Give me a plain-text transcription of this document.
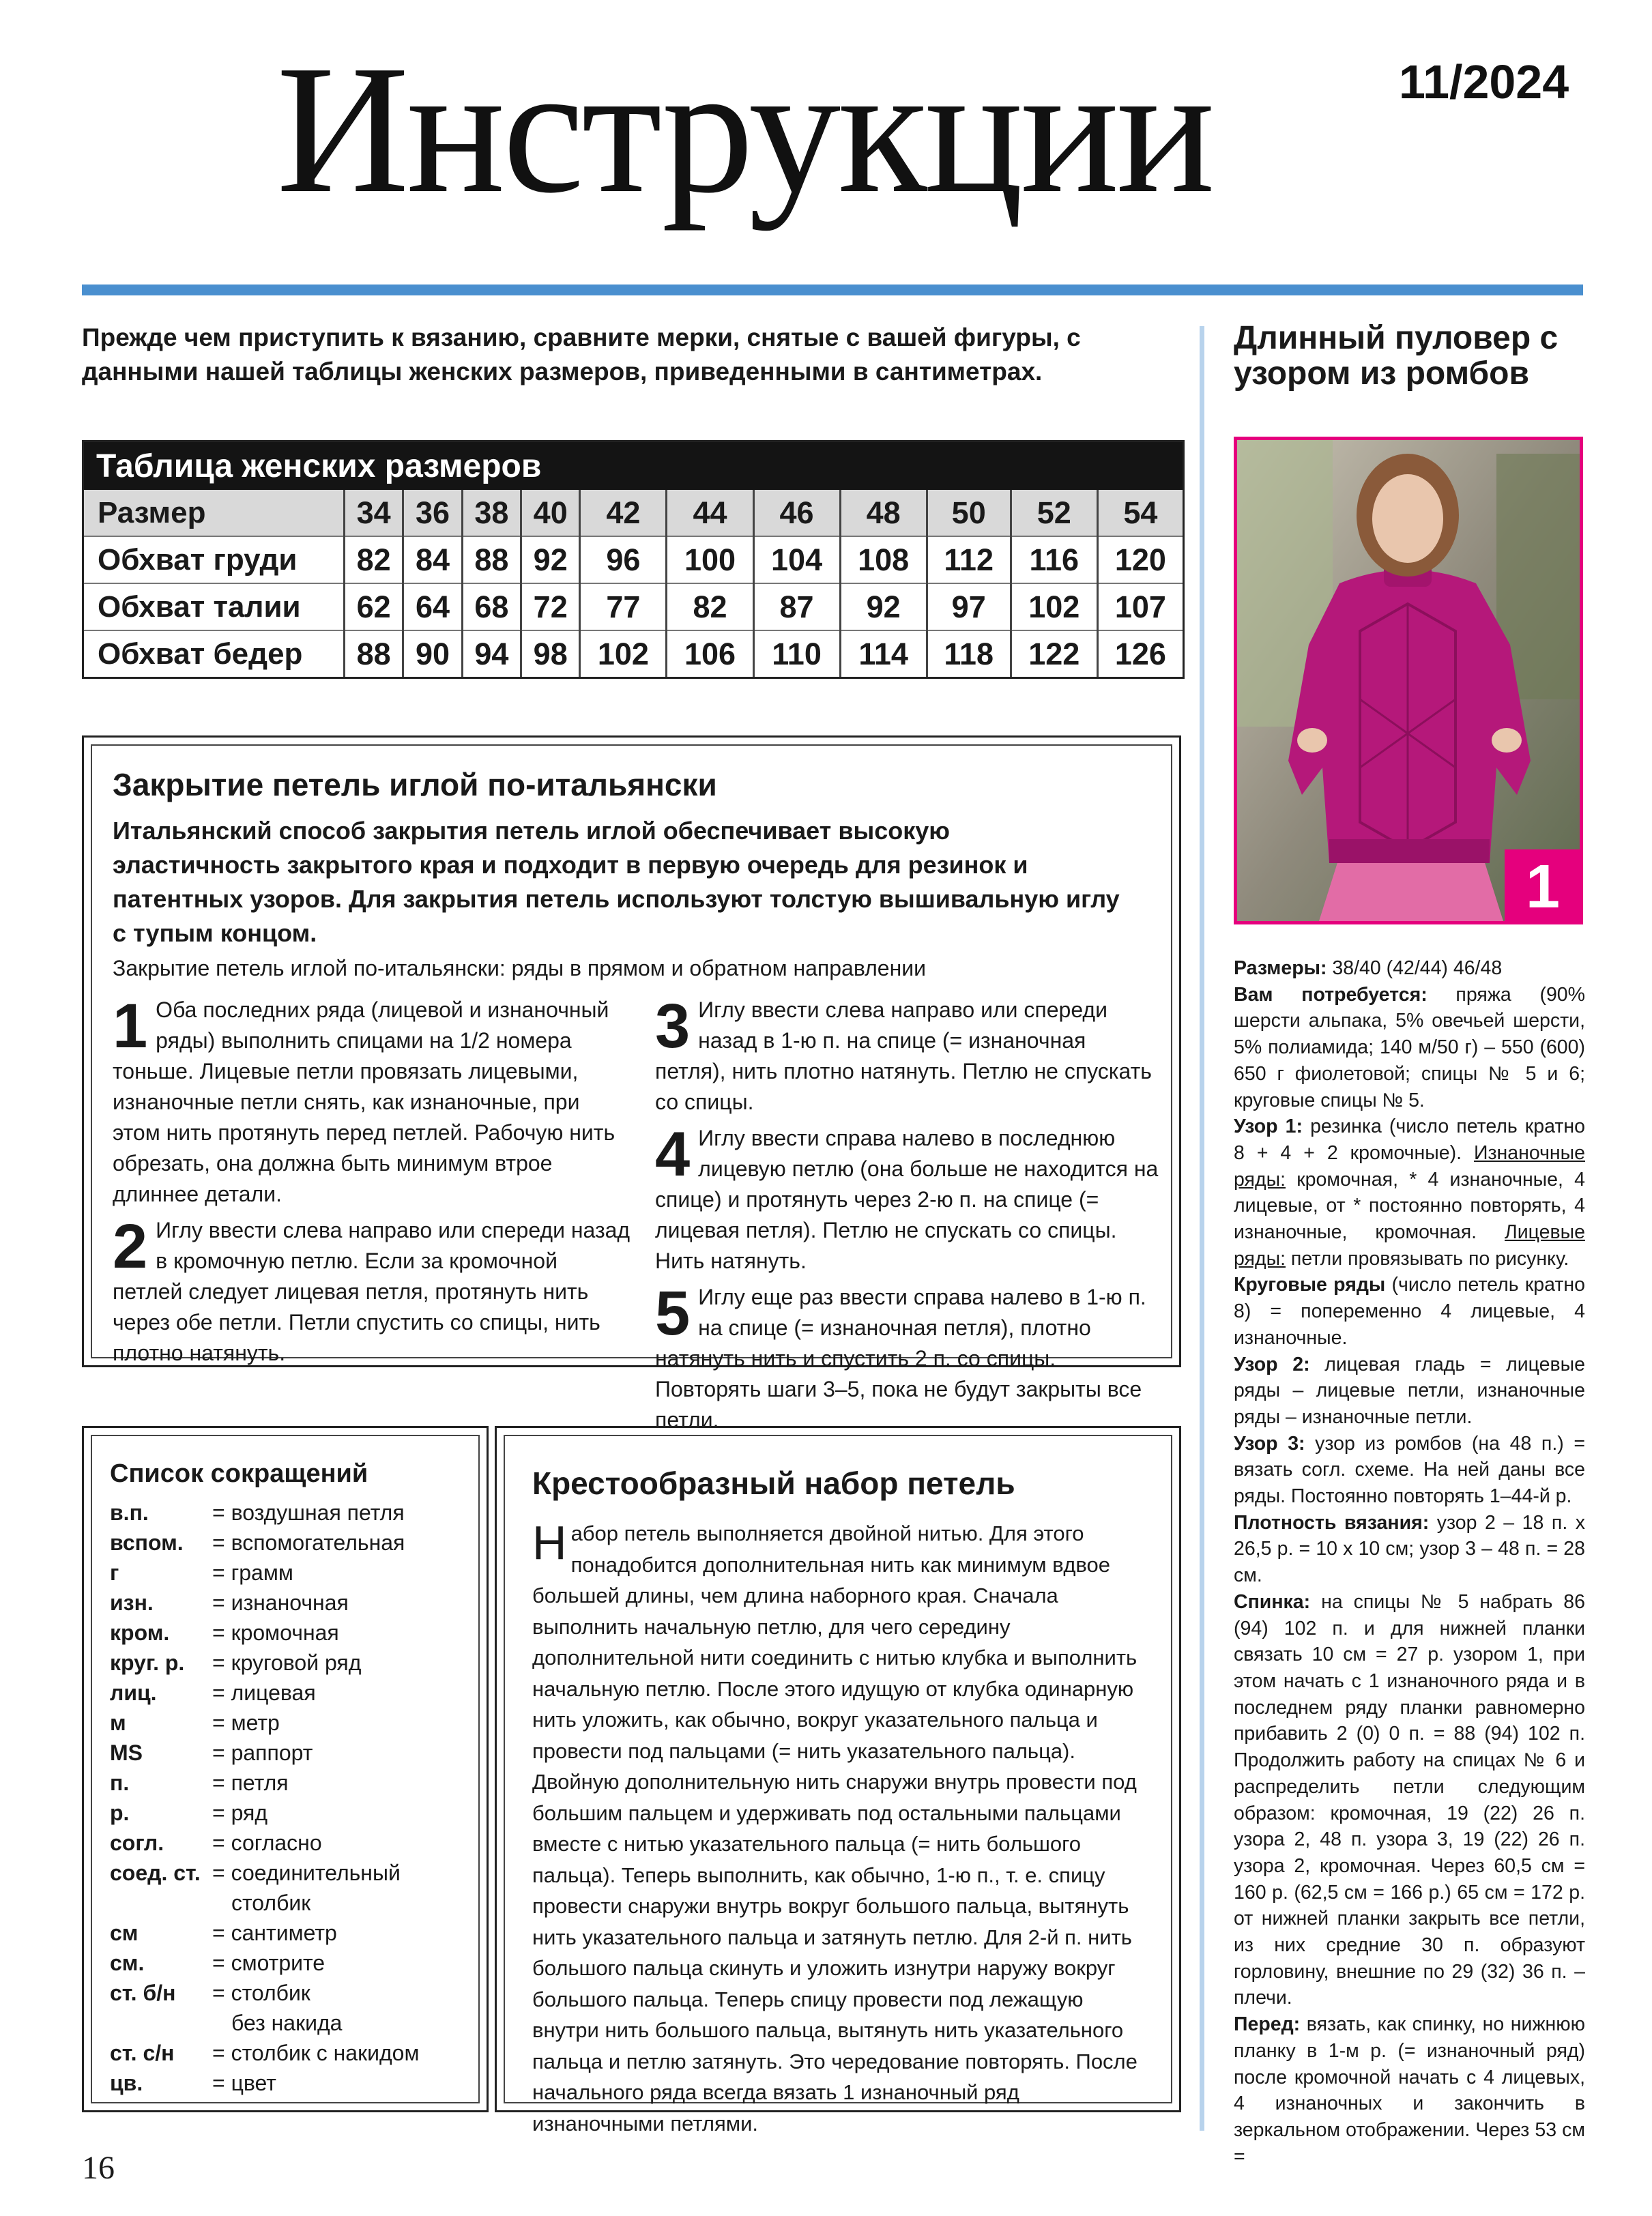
Инструкции	11/2024
Прежде чем приступить к вязанию, сравните мерки, снятые с вашей фигуры, с данными нашей таблицы женских размеров, приведенными в сантиметрах.
Таблица женских размеров
Размер	34	36	38	40	42	44	46	48	50	52	54
Обхват груди	82	84	88	92	96	100	104	108	112	116	120
Обхват талии	62	64	68	72	77	82	87	92	97	102	107
Обхват бедер	88	90	94	98	102	106	110	114	118	122	126
Закрытие петель иглой по-итальянски
Итальянский способ закрытия петель иглой обеспечивает высокую эластичность закрытого края и подходит в первую очередь для резинок и патентных узоров. Для закрытия петель используют толстую вышивальную иглу с тупым концом.
Закрытие петель иглой по-итальянски: ряды в прямом и обратном направлении
1 Оба последних ряда (лицевой и изнаночный ряды) выполнить спицами на 1/2 номера тоньше. Лицевые петли провязать лицевыми, изнаночные петли снять, как изнаночные, при этом нить протянуть перед петлей. Рабочую нить обрезать, она должна быть минимум втрое длиннее детали.
2 Иглу ввести слева направо или спереди назад в кромочную петлю. Если за кромочной петлей следует лицевая петля, протянуть нить через обе петли. Петли спустить со спицы, нить плотно натянуть.
3 Иглу ввести слева направо или спереди назад в 1-ю п. на спице (= изнаночная петля), нить плотно натянуть. Петлю не спускать со спицы.
4 Иглу ввести справа налево в последнюю лицевую петлю (она больше не находится на спице) и протянуть через 2-ю п. на спице (= лицевая петля). Петлю не спускать со спицы. Нить натянуть.
5 Иглу еще раз ввести справа налево в 1-ю п. на спице (= изнаночная петля), плотно натянуть нить и спустить 2 п. со спицы. Повторять шаги 3–5, пока не будут закрыты все петли.
Список сокращений
в.п.	= воздушная петля
вспом. = вспомогательная
г	= грамм
изн.	= изнаночная
кром. = кромочная
круг. р. = круговой ряд
лиц.	= лицевая
м	= метр
MS	= раппорт
п.	= петля
р.	= ряд
согл. = согласно
соед. ст. = соединительный
столбик
см	= сантиметр
см.	= смотрите
ст. б/н = столбик
без накида
ст. с/н = столбик с накидом
цв.	= цвет
Крестообразный набор петель
Набор петель выполняется двойной нитью. Для этого понадобится дополнительная нить как минимум вдвое большей длины, чем длина наборного края. Сначала выполнить начальную петлю, для чего середину дополнительной нити соединить с нитью клубка и выполнить начальную петлю. После этого идущую от клубка одинарную нить уложить, как обычно, вокруг указательного пальца и провести под пальцами (= нить указательного пальца). Двойную дополнительную нить снаружи внутрь провести под большим пальцем и удерживать под остальными пальцами вместе с нитью указательного пальца (= нить большого пальца). Теперь выполнить, как обычно, 1-ю п., т. е. спицу провести снаружи внутрь вокруг большого пальца, вытянуть нить указательного пальца и затянуть петлю. Для 2-й п. нить большого пальца скинуть и уложить изнутри наружу вокруг большого пальца. Теперь спицу провести под лежащую внутри нить большого пальца, вытянуть нить указательного пальца и петлю затянуть. Это чередование повторять. После начального ряда всегда вязать 1 изнаночный ряд изнаночными петлями.
Длинный пуловер с узором из ромбов
1
Размеры: 38/40 (42/44) 46/48
Вам потребуется: пряжа (90% шерсти альпака, 5% овечьей шерсти, 5% полиамида; 140 м/50 г) – 550 (600) 650 г фиолетовой; спицы № 5 и 6; круговые спицы № 5.
Узор 1: резинка (число петель кратно 8 + 4 + 2 кромочные). Изнаночные ряды: кромочная, * 4 изнаночные, 4 лицевые, от * постоянно повторять, 4 изнаночные, кромочная. Лицевые ряды: петли провязывать по рисунку.
Круговые ряды (число петель кратно 8) = попеременно 4 лицевые, 4 изнаночные.
Узор 2: лицевая гладь = лицевые ряды – лицевые петли, изнаночные ряды – изнаночные петли.
Узор 3: узор из ромбов (на 48 п.) = вязать согл. схеме. На ней даны все ряды. Постоянно повторять 1–44-й р.
Плотность вязания: узор 2 – 18 п. х 26,5 р. = 10 х 10 см; узор 3 – 48 п. = 28 см.
Спинка: на спицы № 5 набрать 86 (94) 102 п. и для нижней планки связать 10 см = 27 р. узором 1, при этом начать с 1 изнаночного ряда и в последнем ряду планки равномерно прибавить 2 (0) 0 п. = 88 (94) 102 п. Продолжить работу на спицах № 6 и распределить петли следующим образом: кромочная, 19 (22) 26 п. узора 2, 48 п. узора 3, 19 (22) 26 п. узора 2, кромочная. Через 60,5 см = 160 р. (62,5 см = 166 р.) 65 см = 172 р. от нижней планки закрыть все петли, из них средние 30 п. образуют горловину, внешние по 29 (32) 36 п. – плечи.
Перед: вязать, как спинку, но нижнюю планку в 1-м р. (= изнаночный ряд) после кромочной начать с 4 лицевых, 4 изнаночных и закончить в зеркальном отображении. Через 53 см =
16
